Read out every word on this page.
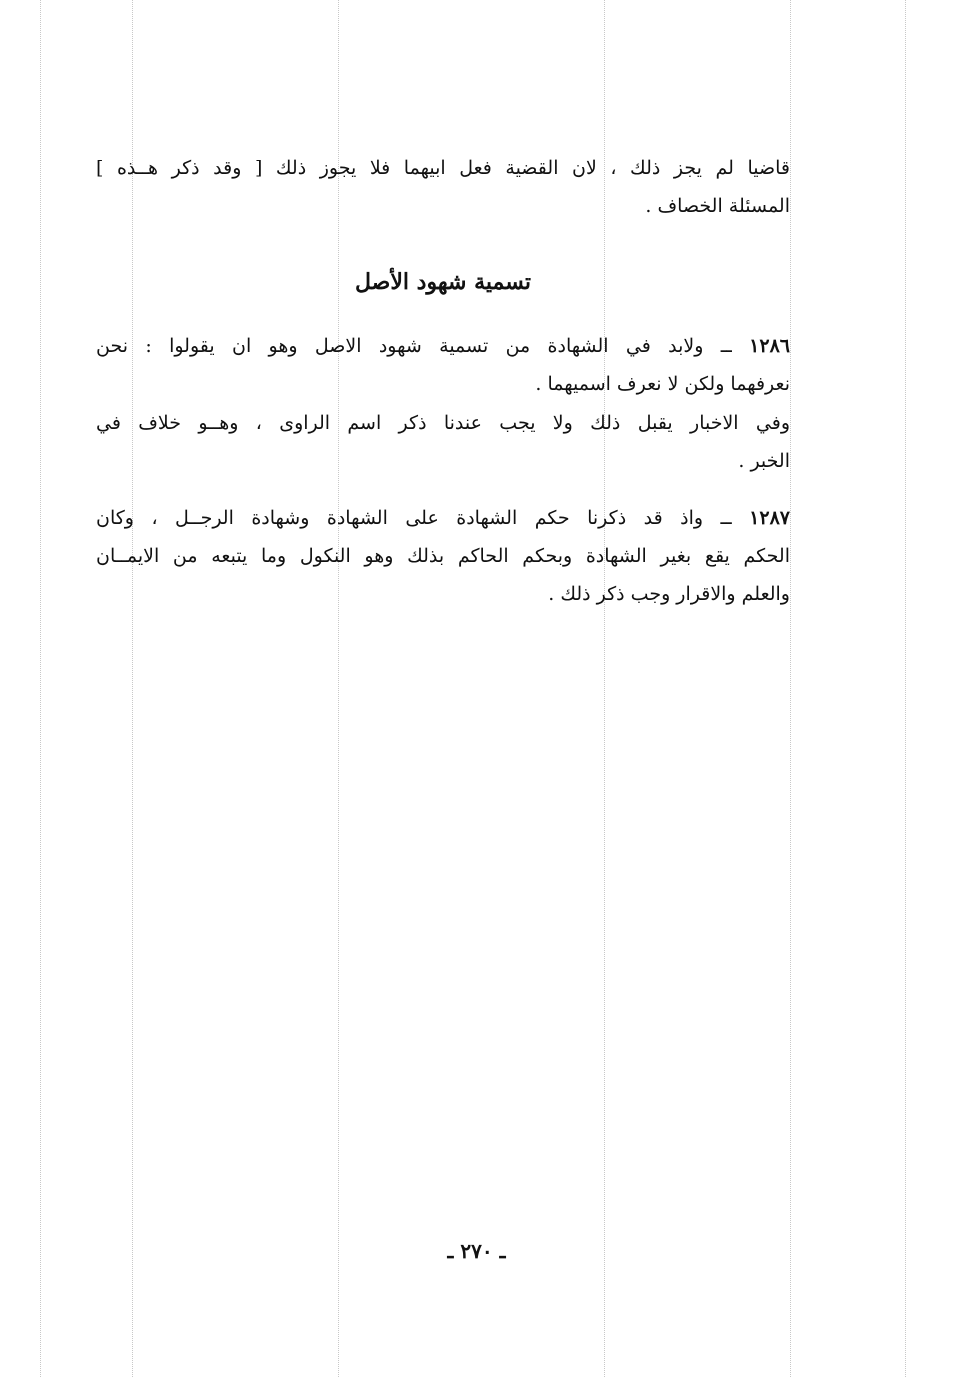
قاضيا لم يجز ذلك ، لان القضية فعل ابيهما فلا يجوز ذلك [ وقد ذكر هــذه ]
المسئلة الخصاف .
تسمية شهود الأصل
١٢٨٦ ــ ولابد في الشهادة من تسمية شهود الاصل وهو ان يقولوا : نحن
نعرفهما ولكن لا نعرف اسميهما .
وفي الاخبار يقبل ذلك ولا يجب عندنا ذكر اسم الراوى ، وهــو خلاف في
الخبر .
١٢٨٧ ــ واذ قد ذكرنا حكم الشهادة على الشهادة وشهادة الرجــل ، وكان
الحكم يقع بغير الشهادة وبحكم الحاكم بذلك وهو النكول وما يتبعه من الايمــان
والعلم والاقرار وجب ذكر ذلك .
ـ ٢٧٠ ـ
